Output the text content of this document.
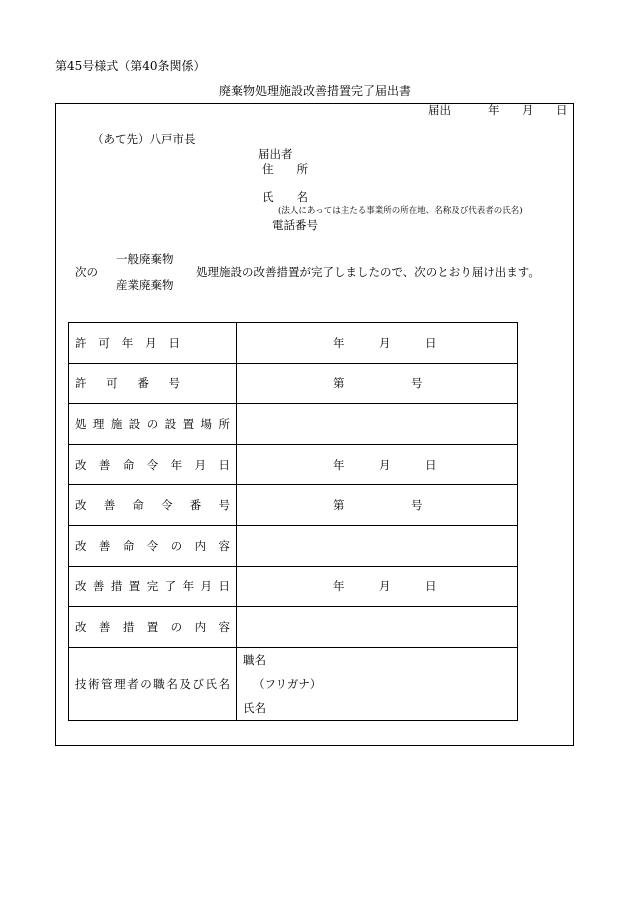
第45号様式（第40条関係）
廃棄物処理施設改善措置完了届出書
届出	年 月 日
（あて先）八戸市長
届出者
住　　所
氏　　名
(法人にあっては主たる事業所の所在地、名称及び代表者の氏名)
電話番号
一般廃棄物
次の	処理施設の改善措置が完了しましたので、次のとおり届け出ます。
産業廃棄物
許可年月日	年 月 日

許可番号	第 号

処理施設の設置場所	
改善命令年月日	年 月 日

改善命令番号	第 号

改善命令の内容	
改善措置完了年月日	年 月 日

改善措置の内容	
技術管理者の職名及び氏名	職名
（フリガナ）
氏名
